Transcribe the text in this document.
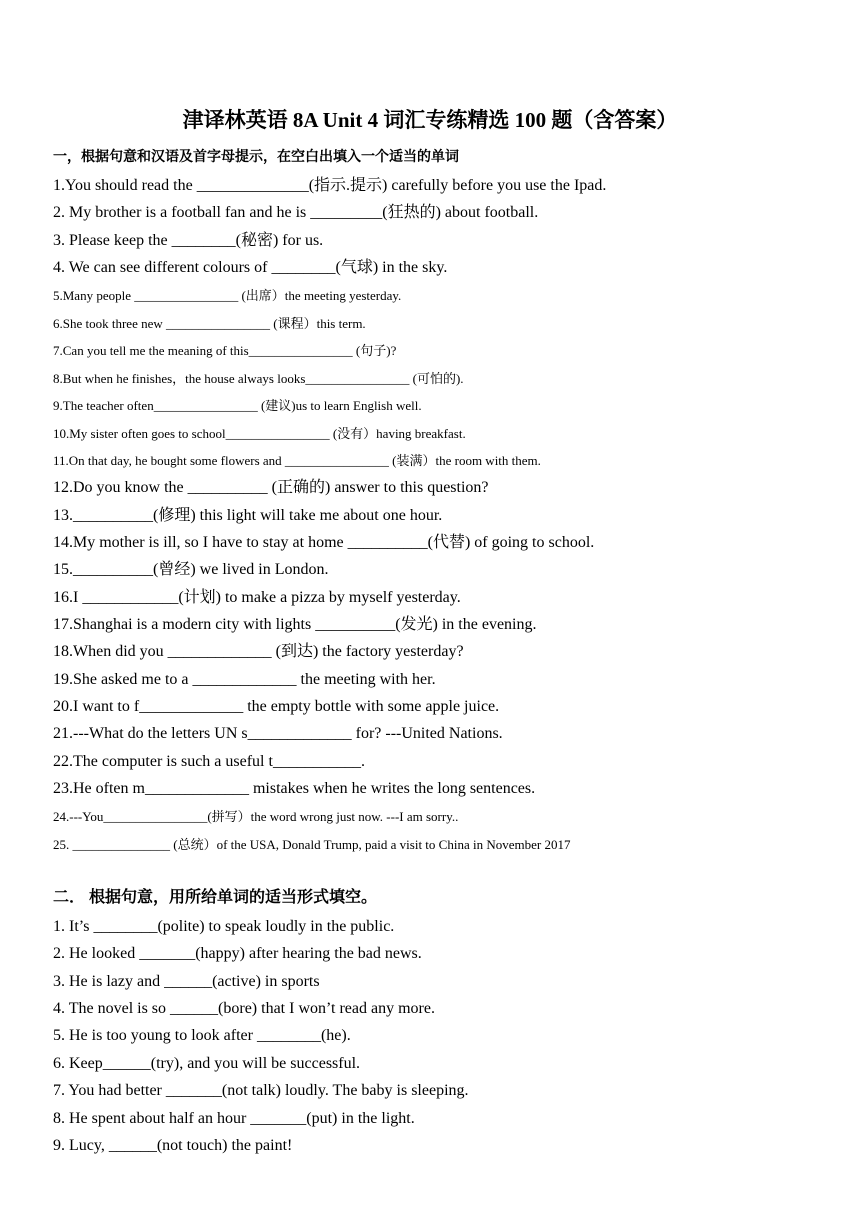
津译林英语 8A Unit 4 词汇专练精选 100 题（含答案）
一，根据句意和汉语及首字母提示，在空白出填入一个适当的单词
1.You should read the ______________(指示.提示) carefully before you use the Ipad.
2. My brother is a football fan and he is _________(狂热的) about football.
3. Please keep the ________(秘密) for us.
4. We can see different colours of ________(气球) in the sky.
5.Many people ________________ (出席）the meeting yesterday.
6.She took three new ________________ (课程）this term.
7.Can you tell me the meaning of this________________ (句子)?
8.But when he finishes，the house always looks________________ (可怕的).
9.The teacher often________________ (建议)us to learn English well.
10.My sister often goes to school________________ (没有）having breakfast.
11.On that day, he bought some flowers and ________________ (装满）the room with them.
12.Do you know the __________ (正确的) answer to this question?
13.__________(修理) this light will take me about one hour.
14.My mother is ill, so I have to stay at home __________(代替) of going to school.
15.__________(曾经) we lived in London.
16.I ____________(计划) to make a pizza by myself yesterday.
17.Shanghai is a modern city with lights __________(发光) in the evening.
18.When did you _____________ (到达) the factory yesterday?
19.She asked me to a _____________ the meeting with her.
20.I want to f_____________ the empty bottle with some apple juice.
21.---What do the letters UN s_____________ for? ---United Nations.
22.The computer is such a useful t___________.
23.He often m_____________ mistakes when he writes the long sentences.
24.---You________________(拼写）the word wrong just now. ---I am sorry..
25. _______________ (总统）of the USA, Donald Trump, paid a visit to China in November 2017
二． 根据句意，用所给单词的适当形式填空。
1. It’s ________(polite) to speak loudly in the public.
2. He looked _______(happy) after hearing the bad news.
3. He is lazy and ______(active) in sports
4. The novel is so ______(bore) that I won’t read any more.
5. He is too young to look after ________(he).
6. Keep______(try), and you will be successful.
7. You had better _______(not talk) loudly. The baby is sleeping.
8. He spent about half an hour _______(put) in the light.
9. Lucy, ______(not touch) the paint!
